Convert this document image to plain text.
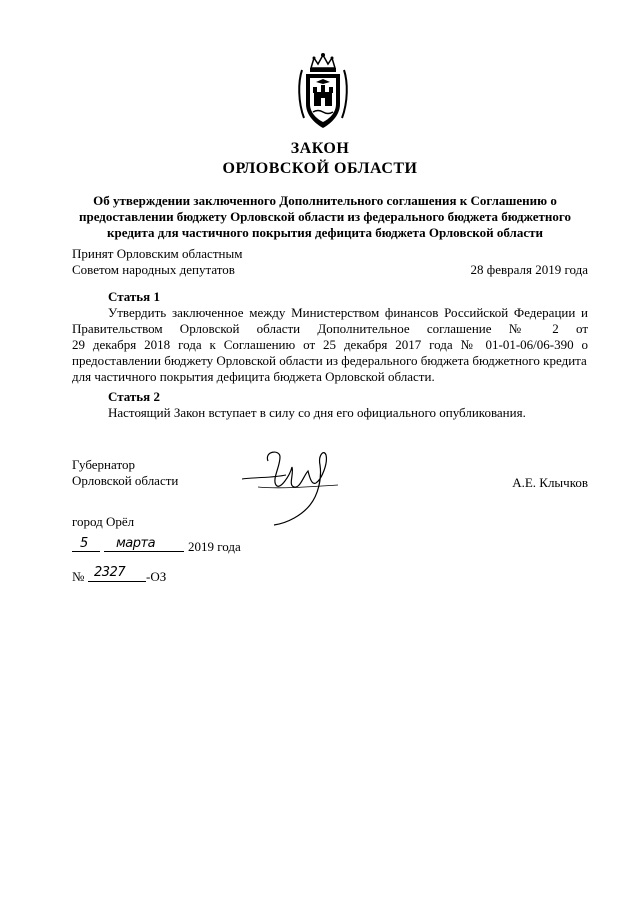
ЗАКОН
ОРЛОВСКОЙ ОБЛАСТИ
Об утверждении заключенного Дополнительного соглашения к Соглашению о
предоставлении бюджету Орловской области из федерального бюджета бюджетного
кредита для частичного покрытия дефицита бюджета Орловской области
Принят Орловским областным
Советом народных депутатов	28 февраля 2019 года
Статья 1
Утвердить заключенное между Министерством финансов Российской Федерации и
Правительством Орловской области Дополнительное соглашение № 2 от
29 декабря 2018 года к Соглашению от 25 декабря 2017 года № 01-01-06/06-390 о
предоставлении бюджету Орловской области из федерального бюджета бюджетного кредита
для частичного покрытия дефицита бюджета Орловской области.
Статья 2
Настоящий Закон вступает в силу со дня его официального опубликования.
Губернатор
Орловской области	А.Е. Клычков
город Орёл
5 марта	2019 года
№ 2327 -ОЗ
